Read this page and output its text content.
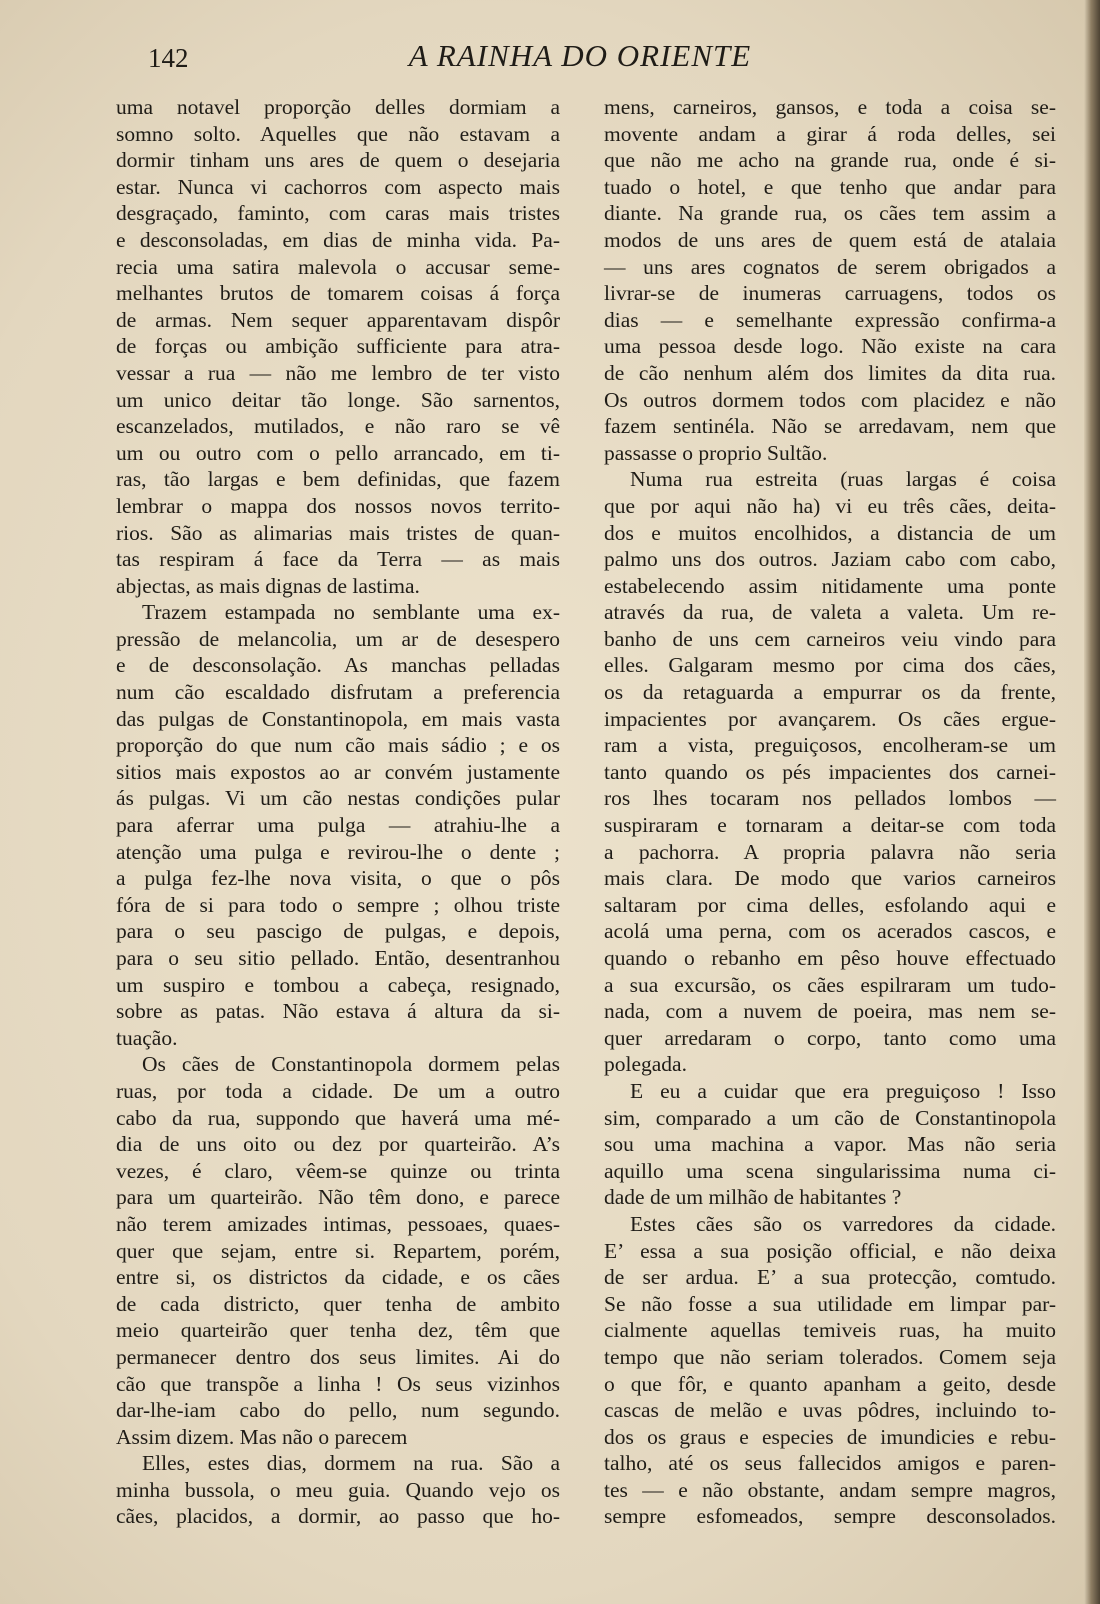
142	A RAINHA DO ORIENTE
uma notavel proporção delles dormiam a
somno solto. Aquelles que não estavam a
dormir tinham uns ares de quem o desejaria
estar. Nunca vi cachorros com aspecto mais
desgraçado, faminto, com caras mais tristes
e desconsoladas, em dias de minha vida. Pa-
recia uma satira malevola o accusar seme-
melhantes brutos de tomarem coisas á força
de armas. Nem sequer apparentavam dispôr
de forças ou ambição sufficiente para atra-
vessar a rua — não me lembro de ter visto
um unico deitar tão longe. São sarnentos,
escanzelados, mutilados, e não raro se vê
um ou outro com o pello arrancado, em ti-
ras, tão largas e bem definidas, que fazem
lembrar o mappa dos nossos novos territo-
rios. São as alimarias mais tristes de quan-
tas respiram á face da Terra — as mais
abjectas, as mais dignas de lastima.
Trazem estampada no semblante uma ex-
pressão de melancolia, um ar de desespero
e de desconsolação. As manchas pelladas
num cão escaldado disfrutam a preferencia
das pulgas de Constantinopola, em mais vasta
proporção do que num cão mais sádio ; e os
sitios mais expostos ao ar convém justamente
ás pulgas. Vi um cão nestas condições pular
para aferrar uma pulga — atrahiu-lhe a
atenção uma pulga e revirou-lhe o dente ;
a pulga fez-lhe nova visita, o que o pôs
fóra de si para todo o sempre ; olhou triste
para o seu pascigo de pulgas, e depois,
para o seu sitio pellado. Então, desentranhou
um suspiro e tombou a cabeça, resignado,
sobre as patas. Não estava á altura da si-
tuação.
Os cães de Constantinopola dormem pelas
ruas, por toda a cidade. De um a outro
cabo da rua, suppondo que haverá uma mé-
dia de uns oito ou dez por quarteirão. A’s
vezes, é claro, vêem-se quinze ou trinta
para um quarteirão. Não têm dono, e parece
não terem amizades intimas, pessoaes, quaes-
quer que sejam, entre si. Repartem, porém,
entre si, os districtos da cidade, e os cães
de cada districto, quer tenha de ambito
meio quarteirão quer tenha dez, têm que
permanecer dentro dos seus limites. Ai do
cão que transpõe a linha ! Os seus vizinhos
dar-lhe-iam cabo do pello, num segundo.
Assim dizem. Mas não o parecem
Elles, estes dias, dormem na rua. São a
minha bussola, o meu guia. Quando vejo os
cães, placidos, a dormir, ao passo que ho-
mens, carneiros, gansos, e toda a coisa se-
movente andam a girar á roda delles, sei
que não me acho na grande rua, onde é si-
tuado o hotel, e que tenho que andar para
diante. Na grande rua, os cães tem assim a
modos de uns ares de quem está de atalaia
— uns ares cognatos de serem obrigados a
livrar-se de inumeras carruagens, todos os
dias — e semelhante expressão confirma-a
uma pessoa desde logo. Não existe na cara
de cão nenhum além dos limites da dita rua.
Os outros dormem todos com placidez e não
fazem sentinéla. Não se arredavam, nem que
passasse o proprio Sultão.
Numa rua estreita (ruas largas é coisa
que por aqui não ha) vi eu três cães, deita-
dos e muitos encolhidos, a distancia de um
palmo uns dos outros. Jaziam cabo com cabo,
estabelecendo assim nitidamente uma ponte
através da rua, de valeta a valeta. Um re-
banho de uns cem carneiros veiu vindo para
elles. Galgaram mesmo por cima dos cães,
os da retaguarda a empurrar os da frente,
impacientes por avançarem. Os cães ergue-
ram a vista, preguiçosos, encolheram-se um
tanto quando os pés impacientes dos carnei-
ros lhes tocaram nos pellados lombos —
suspiraram e tornaram a deitar-se com toda
a pachorra. A propria palavra não seria
mais clara. De modo que varios carneiros
saltaram por cima delles, esfolando aqui e
acolá uma perna, com os acerados cascos, e
quando o rebanho em pêso houve effectuado
a sua excursão, os cães espilraram um tudo-
nada, com a nuvem de poeira, mas nem se-
quer arredaram o corpo, tanto como uma
polegada.
E eu a cuidar que era preguiçoso ! Isso
sim, comparado a um cão de Constantinopola
sou uma machina a vapor. Mas não seria
aquillo uma scena singularissima numa ci-
dade de um milhão de habitantes ?
Estes cães são os varredores da cidade.
E’ essa a sua posição official, e não deixa
de ser ardua. E’ a sua protecção, comtudo.
Se não fosse a sua utilidade em limpar par-
cialmente aquellas temiveis ruas, ha muito
tempo que não seriam tolerados. Comem seja
o que fôr, e quanto apanham a geito, desde
cascas de melão e uvas pôdres, incluindo to-
dos os graus e especies de imundicies e rebu-
talho, até os seus fallecidos amigos e paren-
tes — e não obstante, andam sempre magros,
sempre esfomeados, sempre desconsolados.
